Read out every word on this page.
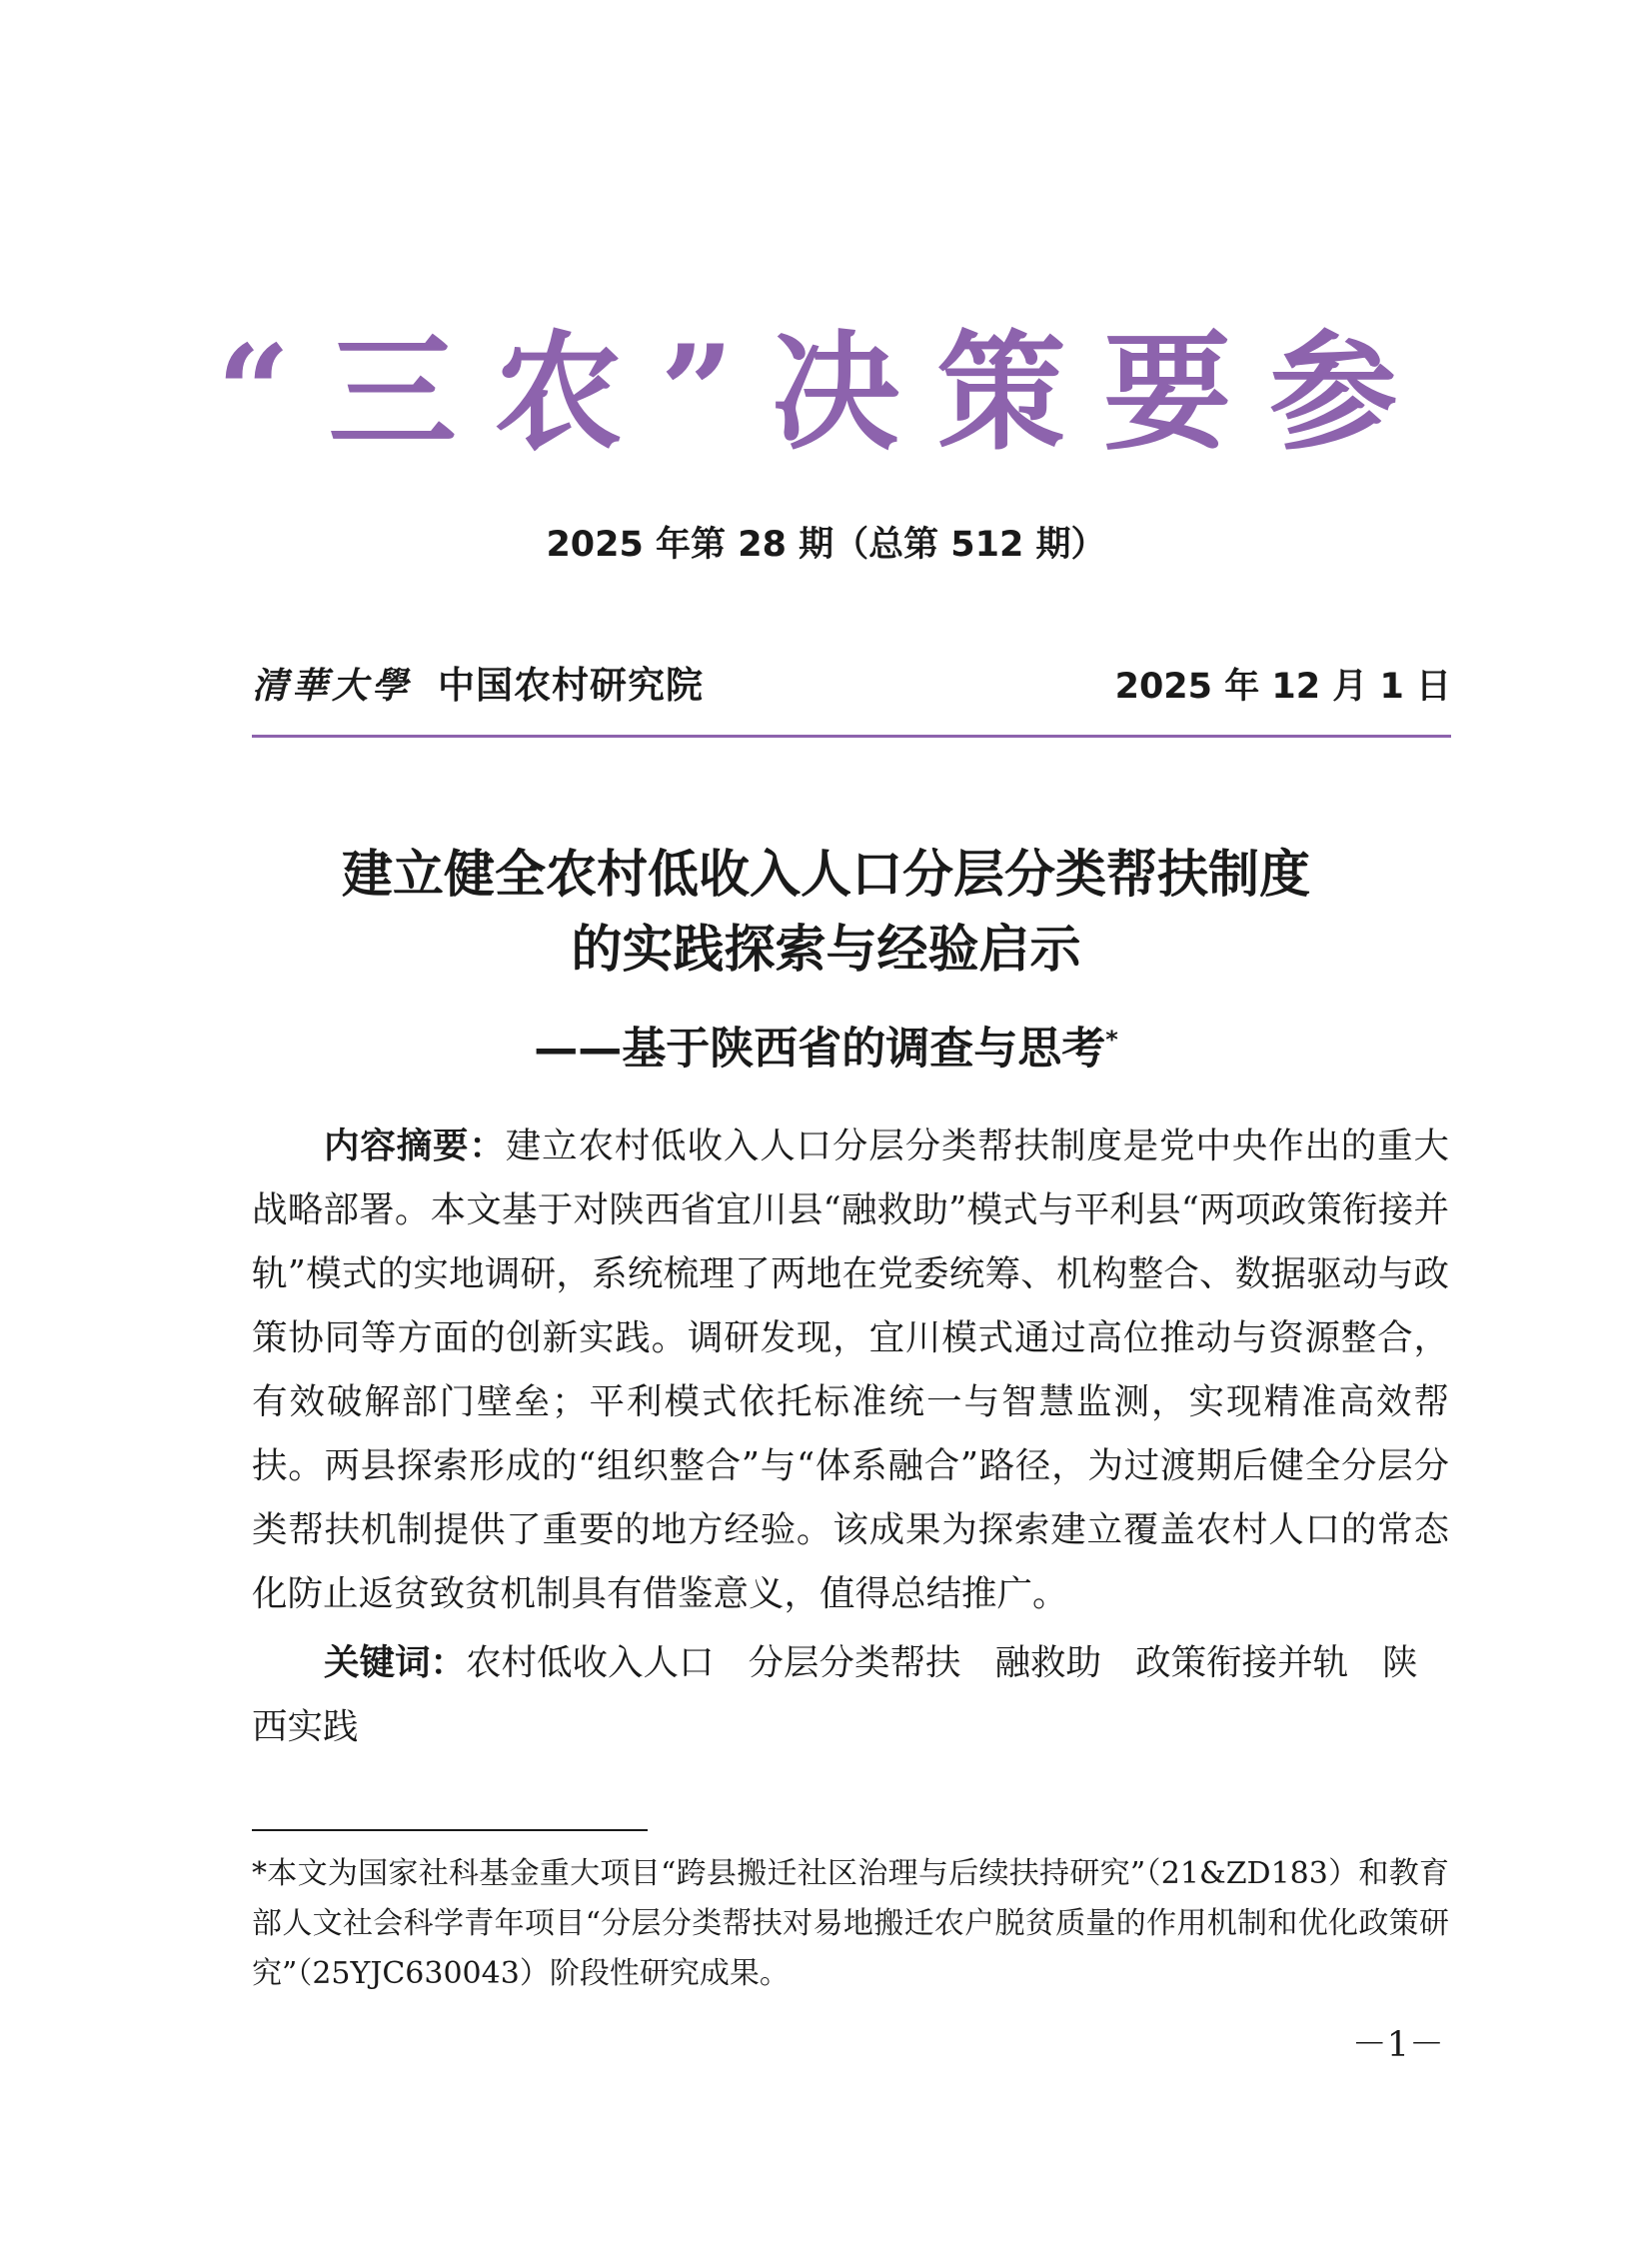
“三农”决策要参
2025 年第 28 期（总第 512 期）
清華大學 中国农村研究院	2025 年 12 月 1 日
建立健全农村低收入人口分层分类帮扶制度
的实践探索与经验启示
——基于陕西省的调查与思考*
内容摘要：建立农村低收入人口分层分类帮扶制度是党中央作出的重大战略部署。本文基于对陕西省宜川县“融救助”模式与平利县“两项政策衔接并轨”模式的实地调研，系统梳理了两地在党委统筹、机构整合、数据驱动与政策协同等方面的创新实践。调研发现，宜川模式通过高位推动与资源整合，有效破解部门壁垒；平利模式依托标准统一与智慧监测，实现精准高效帮扶。两县探索形成的“组织整合”与“体系融合”路径，为过渡期后健全分层分类帮扶机制提供了重要的地方经验。该成果为探索建立覆盖农村人口的常态化防止返贫致贫机制具有借鉴意义，值得总结推广。
关键词：农村低收入人口 分层分类帮扶 融救助 政策衔接并轨 陕西实践
*本文为国家社科基金重大项目“跨县搬迁社区治理与后续扶持研究”（21&ZD183）和教育部人文社会科学青年项目“分层分类帮扶对易地搬迁农户脱贫质量的作用机制和优化政策研究”（25YJC630043）阶段性研究成果。
－1－
